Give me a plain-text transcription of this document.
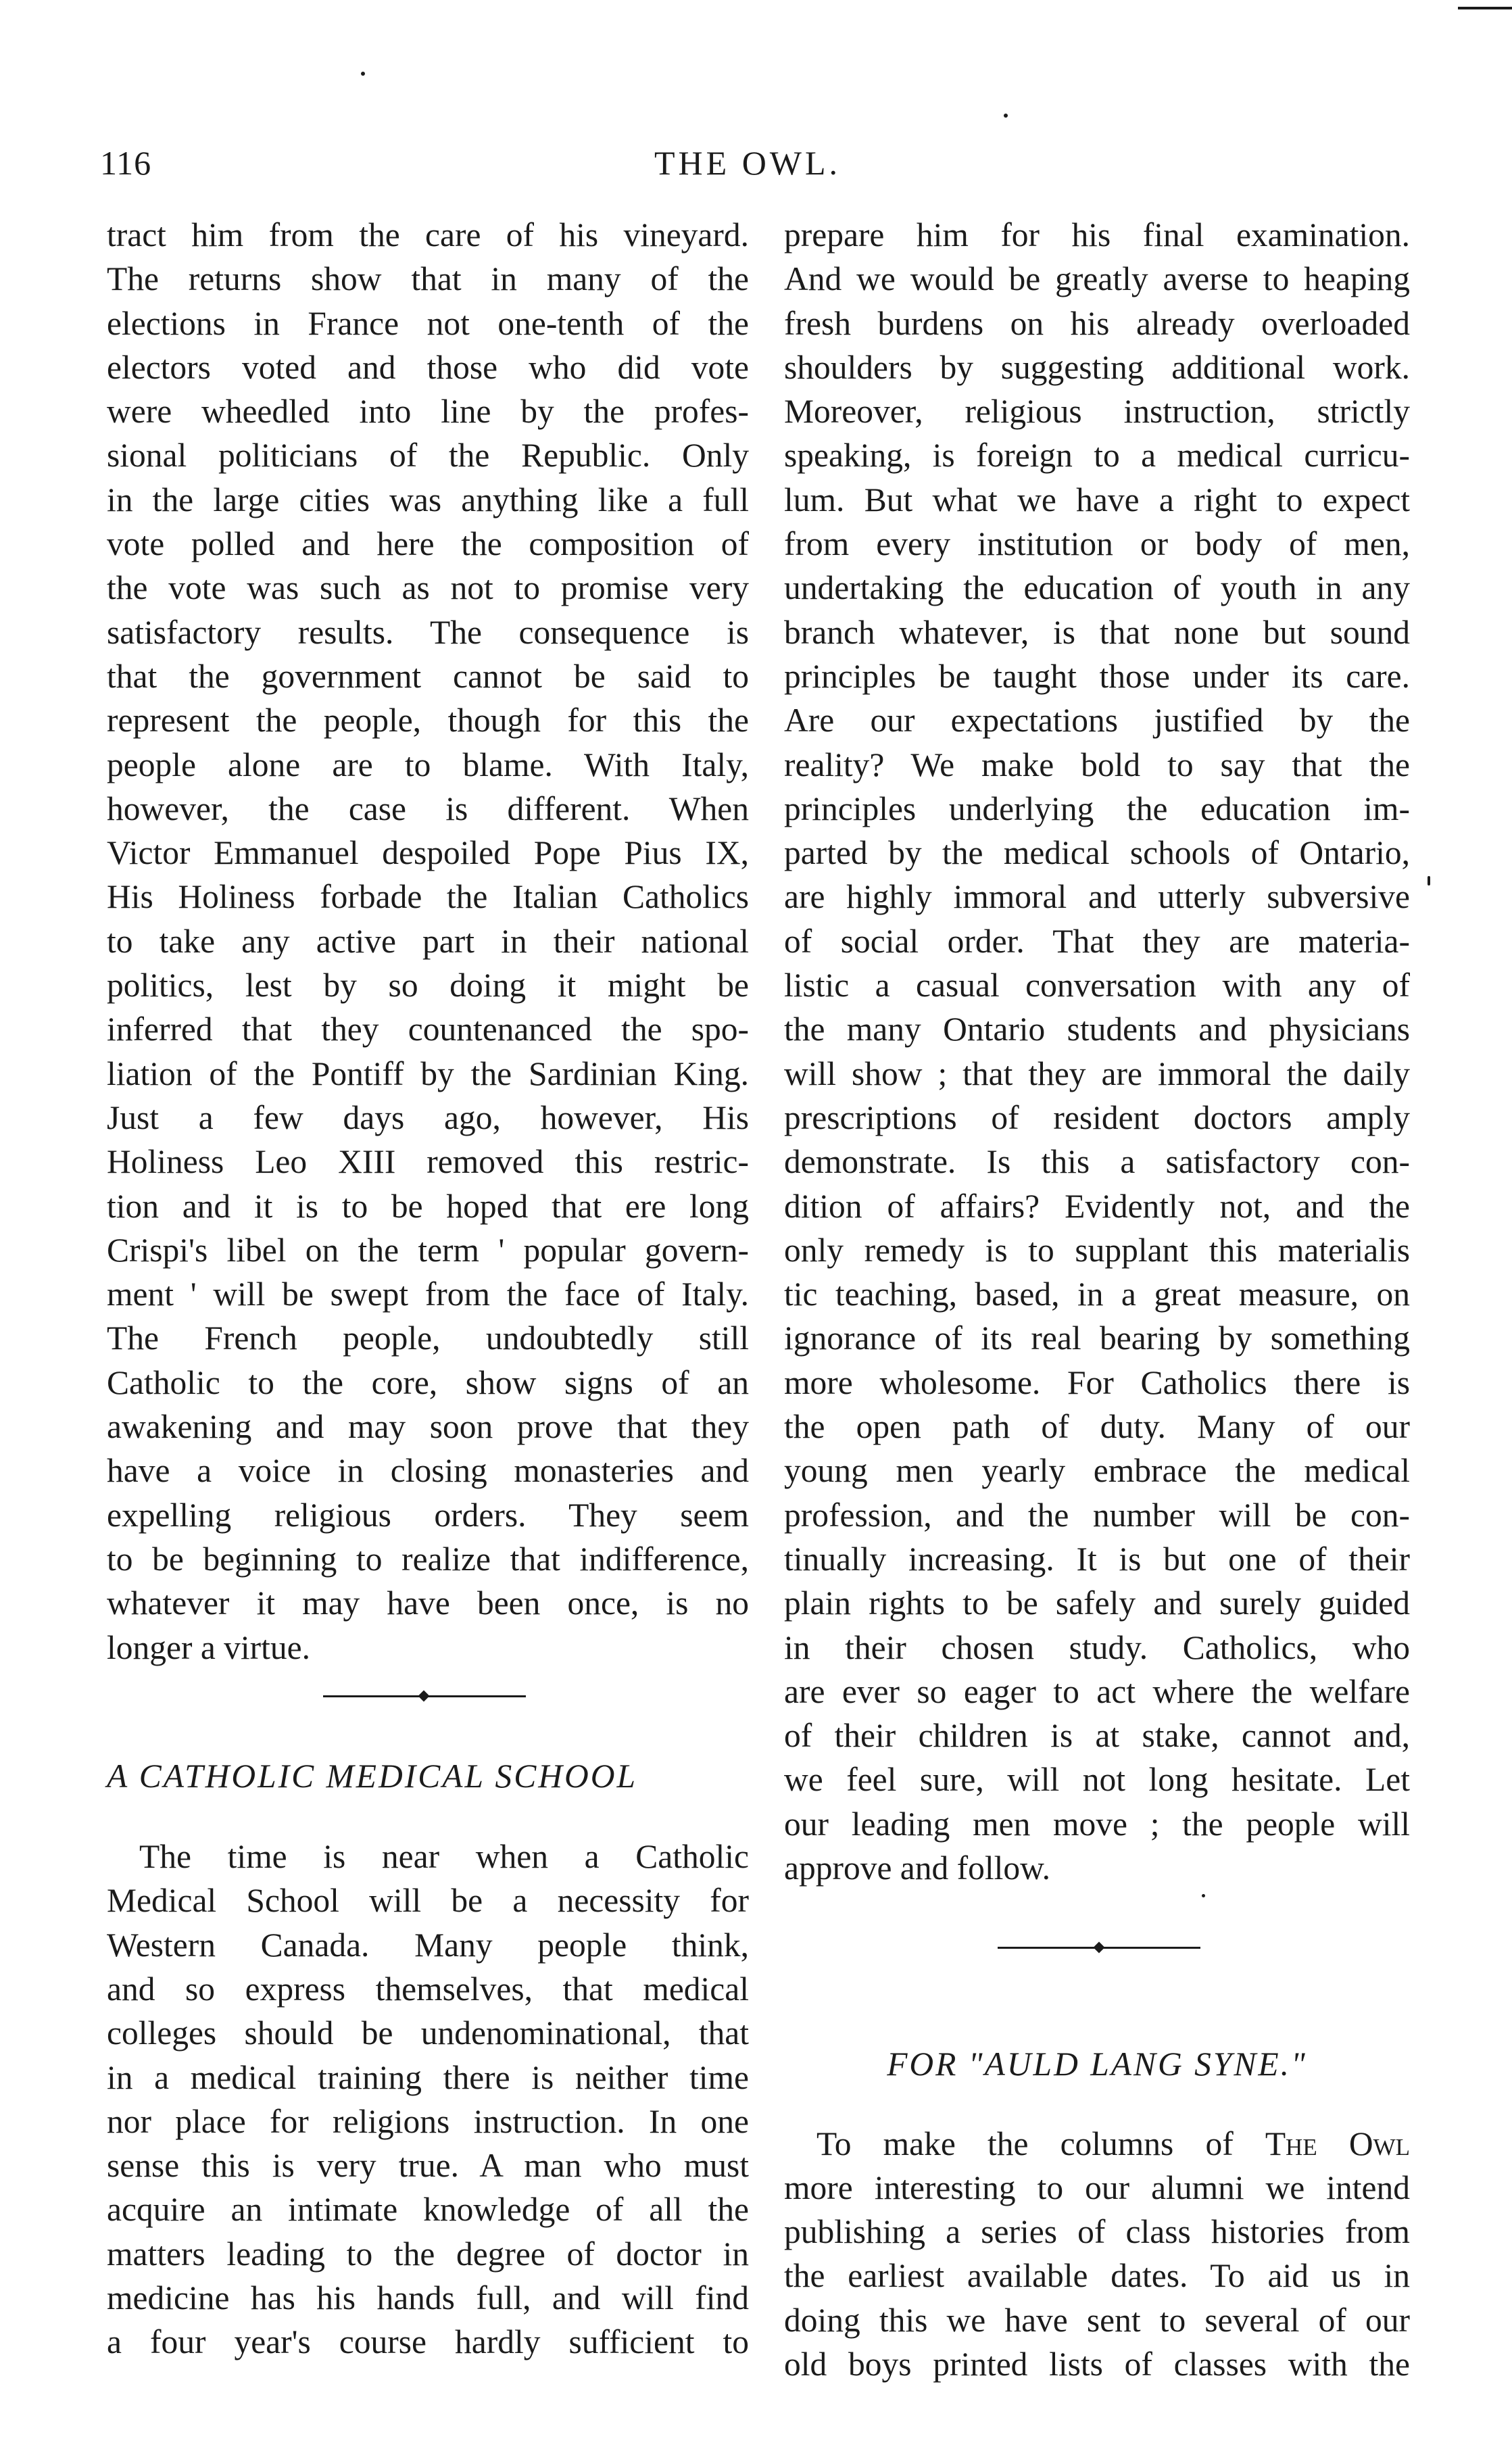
116	THE OWL.
tract him from the care of his vineyard.
The returns show that in many of the
elections in France not one-tenth of the
electors voted and those who did vote
were wheedled into line by the profes-
sional politicians of the Republic. Only
in the large cities was anything like a full
vote polled and here the composition of
the vote was such as not to promise very
satisfactory results. The consequence is
that the government cannot be said to
represent the people, though for this the
people alone are to blame. With Italy,
however, the case is different. When
Victor Emmanuel despoiled Pope Pius IX,
His Holiness forbade the Italian Catholics
to take any active part in their national
politics, lest by so doing it might be
inferred that they countenanced the spo-
liation of the Pontiff by the Sardinian King.
Just a few days ago, however, His
Holiness Leo XIII removed this restric-
tion and it is to be hoped that ere long
Crispi's libel on the term ' popular govern-
ment ' will be swept from the face of Italy.
The French people, undoubtedly still
Catholic to the core, show signs of an
awakening and may soon prove that they
have a voice in closing monasteries and
expelling religious orders. They seem
to be beginning to realize that indifference,
whatever it may have been once, is no
longer a virtue.
A CATHOLIC MEDICAL SCHOOL
The time is near when a Catholic
Medical School will be a necessity for
Western Canada. Many people think,
and so express themselves, that medical
colleges should be undenominational, that
in a medical training there is neither time
nor place for religions instruction. In one
sense this is very true. A man who must
acquire an intimate knowledge of all the
matters leading to the degree of doctor in
medicine has his hands full, and will find
a four year's course hardly sufficient to
prepare him for his final examination.
And we would be greatly averse to heaping
fresh burdens on his already overloaded
shoulders by suggesting additional work.
Moreover, religious instruction, strictly
speaking, is foreign to a medical curricu-
lum. But what we have a right to expect
from every institution or body of men,
undertaking the education of youth in any
branch whatever, is that none but sound
principles be taught those under its care.
Are our expectations justified by the
reality? We make bold to say that the
principles underlying the education im-
parted by the medical schools of Ontario,
are highly immoral and utterly subversive
of social order. That they are materia-
listic a casual conversation with any of
the many Ontario students and physicians
will show ; that they are immoral the daily
prescriptions of resident doctors amply
demonstrate. Is this a satisfactory con-
dition of affairs? Evidently not, and the
only remedy is to supplant this materialis
tic teaching, based, in a great measure, on
ignorance of its real bearing by something
more wholesome. For Catholics there is
the open path of duty. Many of our
young men yearly embrace the medical
profession, and the number will be con-
tinually increasing. It is but one of their
plain rights to be safely and surely guided
in their chosen study. Catholics, who
are ever so eager to act where the welfare
of their children is at stake, cannot and,
we feel sure, will not long hesitate. Let
our leading men move ; the people will
approve and follow.
FOR "AULD LANG SYNE."
To make the columns of The Owl
more interesting to our alumni we intend
publishing a series of class histories from
the earliest available dates. To aid us in
doing this we have sent to several of our
old boys printed lists of classes with the
